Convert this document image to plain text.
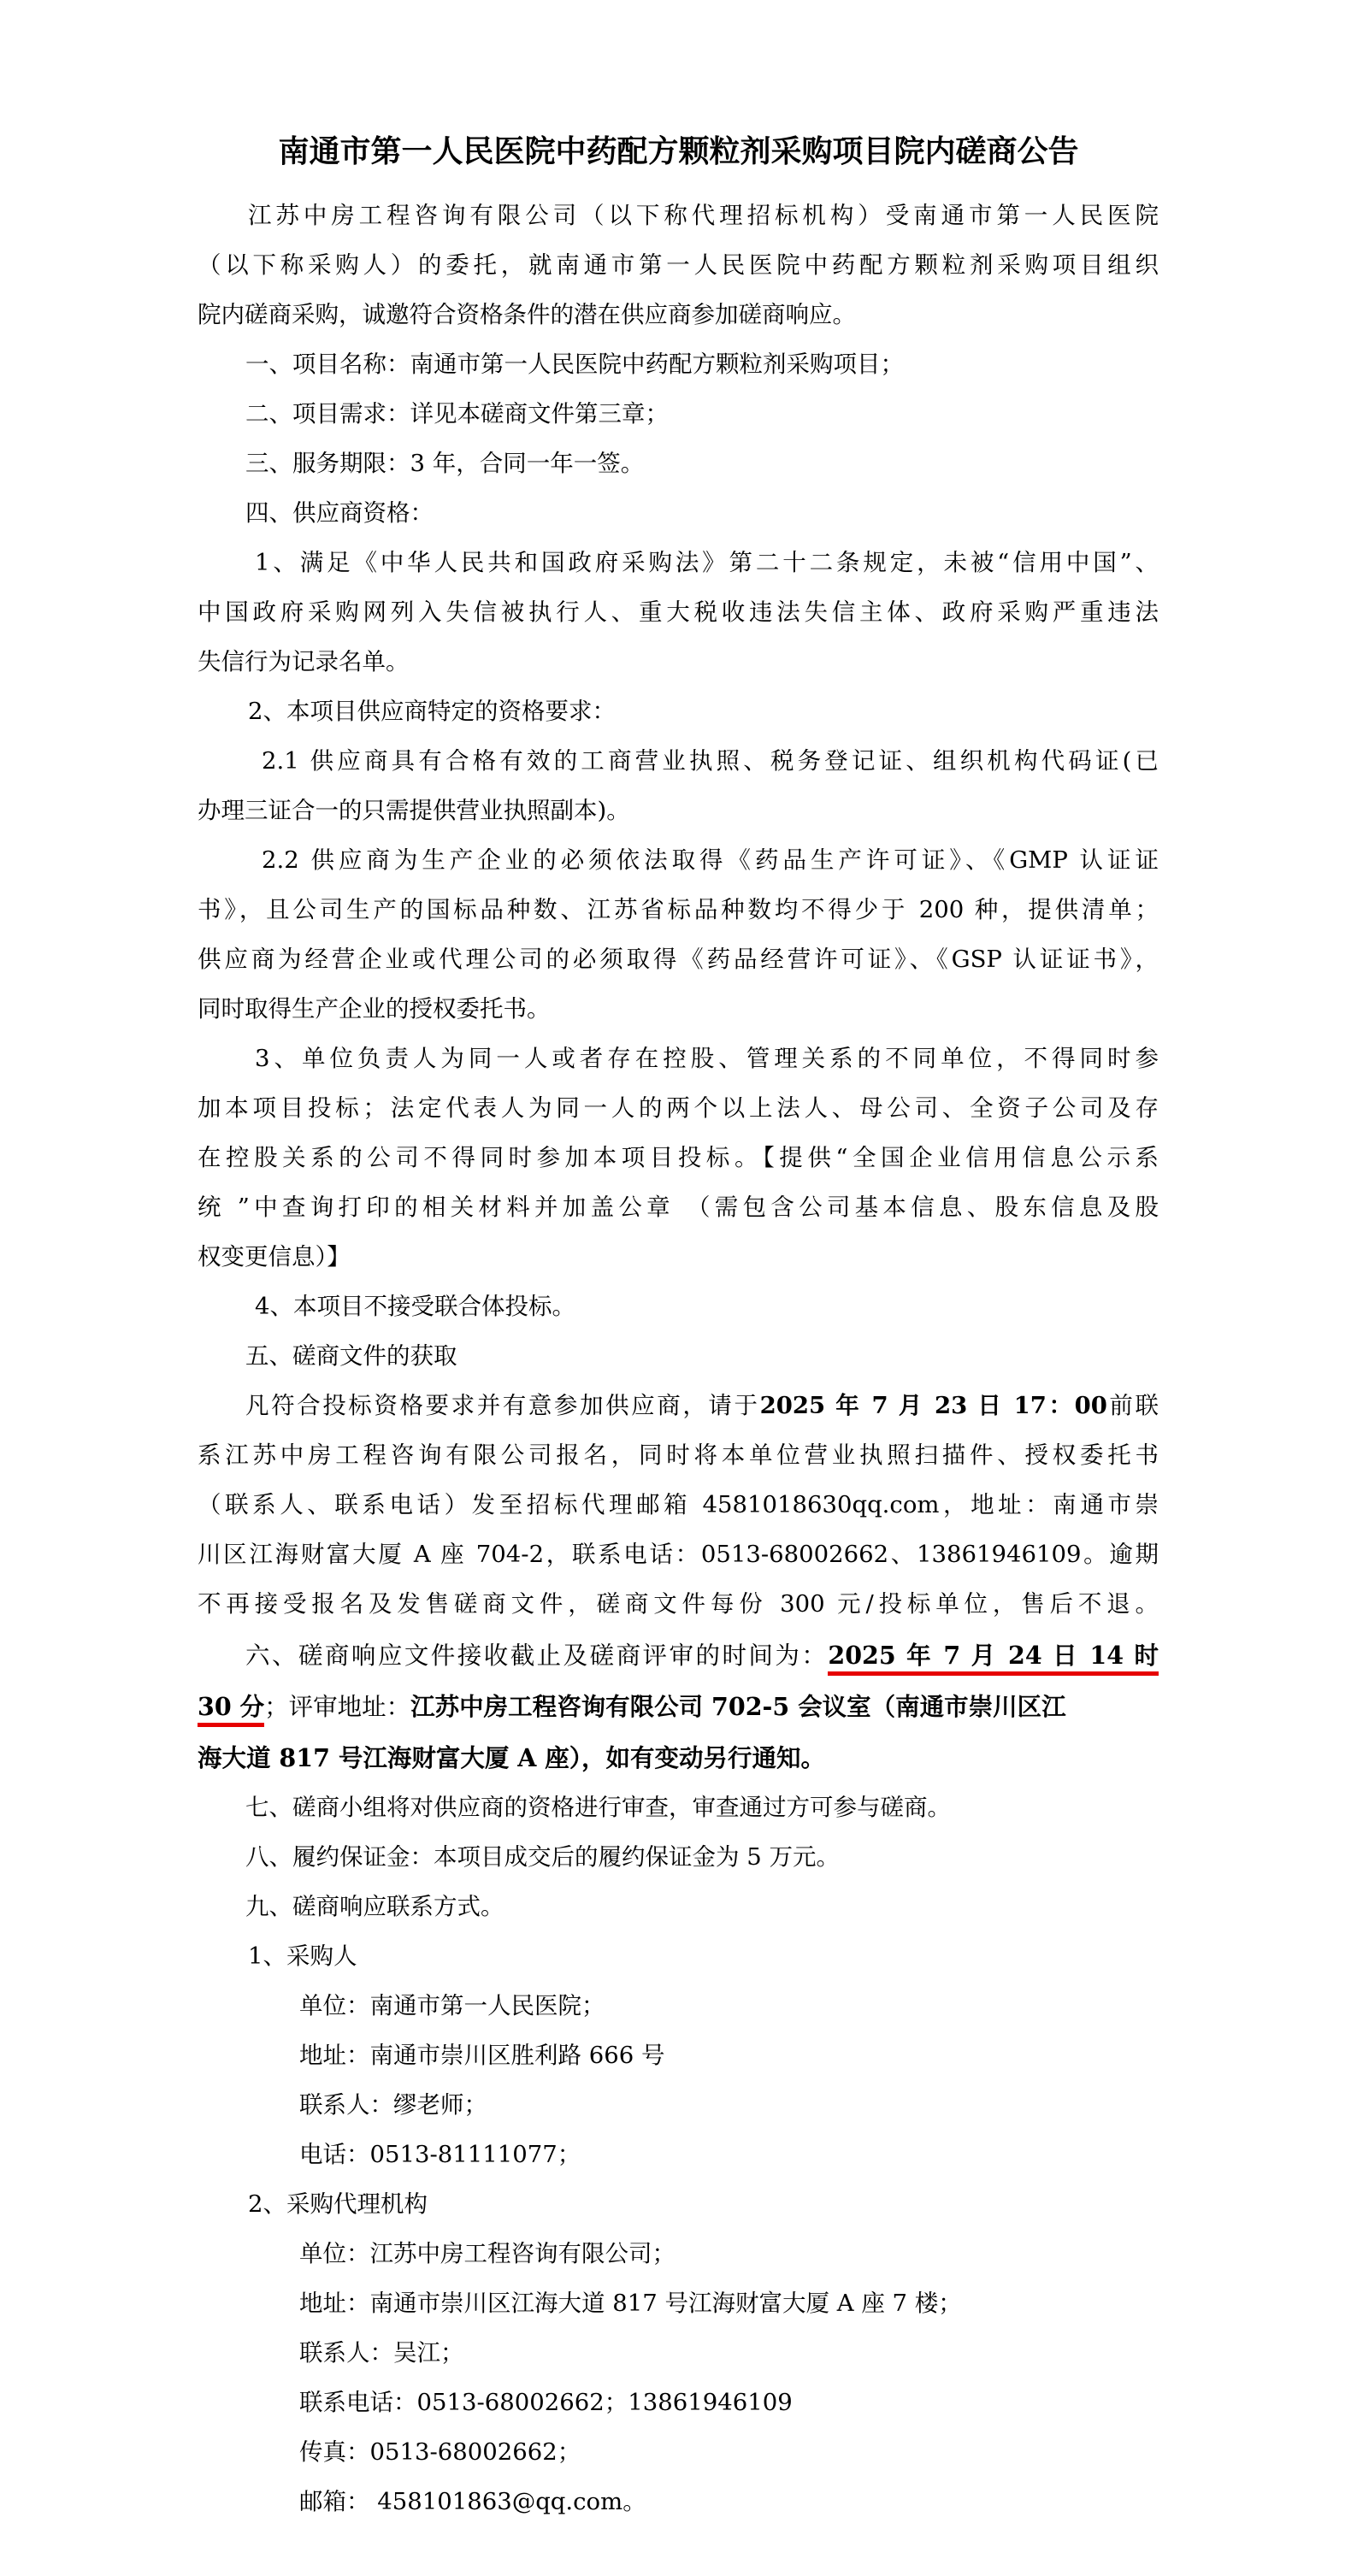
南通市第一人民医院中药配方颗粒剂采购项目院内磋商公告

江苏中房工程咨询有限公司（以下称代理招标机构）受南通市第一人民医院

（以下称采购人）的委托，就南通市第一人民医院中药配方颗粒剂采购项目组织

院内磋商采购，诚邀符合资格条件的潜在供应商参加磋商响应。

一、项目名称：南通市第一人民医院中药配方颗粒剂采购项目；

二、项目需求：详见本磋商文件第三章；

三、服务期限：3 年，合同一年一签。

四、供应商资格：

1、满足《中华人民共和国政府采购法》第二十二条规定，未被“信用中国”、

中国政府采购网列入失信被执行人、重大税收违法失信主体、政府采购严重违法

失信行为记录名单。

2、本项目供应商特定的资格要求：

2.1 供应商具有合格有效的工商营业执照、税务登记证、组织机构代码证(已

办理三证合一的只需提供营业执照副本)。

2.2 供应商为生产企业的必须依法取得《药品生产许可证》、《GMP 认证证

书》，且公司生产的国标品种数、江苏省标品种数均不得少于 200 种，提供清单；

供应商为经营企业或代理公司的必须取得《药品经营许可证》、《GSP 认证证书》，

同时取得生产企业的授权委托书。

3、单位负责人为同一人或者存在控股、管理关系的不同单位，不得同时参

加本项目投标；法定代表人为同一人的两个以上法人、母公司、全资子公司及存

在控股关系的公司不得同时参加本项目投标。【提供“全国企业信用信息公示系

统 ”中查询打印的相关材料并加盖公章 （需包含公司基本信息、股东信息及股

权变更信息）】

4、本项目不接受联合体投标。

五、磋商文件的获取

凡符合投标资格要求并有意参加供应商，请于2025 年 7 月 23 日 17：00前联

系江苏中房工程咨询有限公司报名，同时将本单位营业执照扫描件、授权委托书

（联系人、联系电话）发至招标代理邮箱 4581018630qq.com，地址：南通市崇

川区江海财富大厦 A 座 704-2，联系电话：0513-68002662、13861946109。逾期

不再接受报名及发售磋商文件，磋商文件每份 300 元/投标单位，售后不退。

六、磋商响应文件接收截止及磋商评审的时间为：2025 年 7 月 24 日 14 时

30 分；评审地址：江苏中房工程咨询有限公司 702-5 会议室（南通市崇川区江

海大道 817 号江海财富大厦 A 座），如有变动另行通知。

七、磋商小组将对供应商的资格进行审查，审查通过方可参与磋商。

八、履约保证金：本项目成交后的履约保证金为 5 万元。

九、磋商响应联系方式。

1、采购人

单位：南通市第一人民医院；

地址：南通市崇川区胜利路 666 号

联系人：缪老师；

电话：0513-81111077；

2、采购代理机构

单位：江苏中房工程咨询有限公司；

地址：南通市崇川区江海大道 817 号江海财富大厦 A 座 7 楼；

联系人：吴江；

联系电话：0513-68002662；13861946109

传真：0513-68002662；

邮箱： 458101863@qq.com。
